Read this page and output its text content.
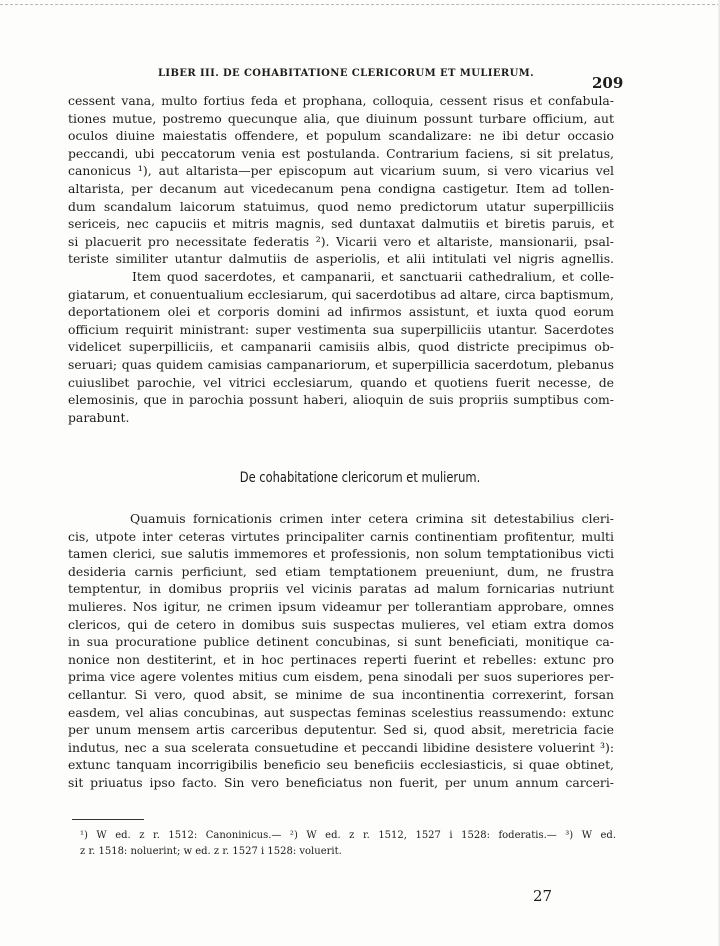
LIBER III. DE COHABITATIONE CLERICORUM ET MULIERUM.
209
cessent vana, multo fortius feda et prophana, colloquia, cessent risus et confabula-
tiones mutue, postremo quecunque alia, que diuinum possunt turbare officium, aut
oculos diuine maiestatis offendere, et populum scandalizare: ne ibi detur occasio
peccandi, ubi peccatorum venia est postulanda. Contrarium faciens, si sit prelatus,
canonicus ¹), aut altarista—per episcopum aut vicarium suum, si vero vicarius vel
altarista, per decanum aut vicedecanum pena condigna castigetur. Item ad tollen-
dum scandalum laicorum statuimus, quod nemo predictorum utatur superpilliciis
sericeis, nec capuciis et mitris magnis, sed duntaxat dalmutiis et biretis paruis, et
si placuerit pro necessitate federatis ²). Vicarii vero et altariste, mansionarii, psal-
teriste similiter utantur dalmutiis de asperiolis, et alii intitulati vel nigris agnellis.
Item quod sacerdotes, et campanarii, et sanctuarii cathedralium, et colle-
giatarum, et conuentualium ecclesiarum, qui sacerdotibus ad altare, circa baptismum,
deportationem olei et corporis domini ad infirmos assistunt, et iuxta quod eorum
officium requirit ministrant: super vestimenta sua superpilliciis utantur. Sacerdotes
videlicet superpilliciis, et campanarii camisiis albis, quod districte precipimus ob-
seruari; quas quidem camisias campanariorum, et superpillicia sacerdotum, plebanus
cuiuslibet parochie, vel vitrici ecclesiarum, quando et quotiens fuerit necesse, de
elemosinis, que in parochia possunt haberi, alioquin de suis propriis sumptibus com-
parabunt.
De cohabitatione clericorum et mulierum.
Quamuis fornicationis crimen inter cetera crimina sit detestabilius cleri-
cis, utpote inter ceteras virtutes principaliter carnis continentiam profitentur, multi
tamen clerici, sue salutis immemores et professionis, non solum temptationibus victi
desideria carnis perficiunt, sed etiam temptationem preueniunt, dum, ne frustra
temptentur, in domibus propriis vel vicinis paratas ad malum fornicarias nutriunt
mulieres. Nos igitur, ne crimen ipsum videamur per tollerantiam approbare, omnes
clericos, qui de cetero in domibus suis suspectas mulieres, vel etiam extra domos
in sua procuratione publice detinent concubinas, si sunt beneficiati, monitique ca-
nonice non destiterint, et in hoc pertinaces reperti fuerint et rebelles: extunc pro
prima vice agere volentes mitius cum eisdem, pena sinodali per suos superiores per-
cellantur. Si vero, quod absit, se minime de sua incontinentia correxerint, forsan
easdem, vel alias concubinas, aut suspectas feminas scelestius reassumendo: extunc
per unum mensem artis carceribus deputentur. Sed si, quod absit, meretricia facie
indutus, nec a sua scelerata consuetudine et peccandi libidine desistere voluerint ³):
extunc tanquam incorrigibilis beneficio seu beneficiis ecclesiasticis, si quae obtinet,
sit priuatus ipso facto. Sin vero beneficiatus non fuerit, per unum annum carceri-
¹) W ed. z r. 1512: Canoninicus.— ²) W ed. z r. 1512, 1527 i 1528: foderatis.— ³) W ed.
z r. 1518: noluerint; w ed. z r. 1527 i 1528: voluerit.
27
